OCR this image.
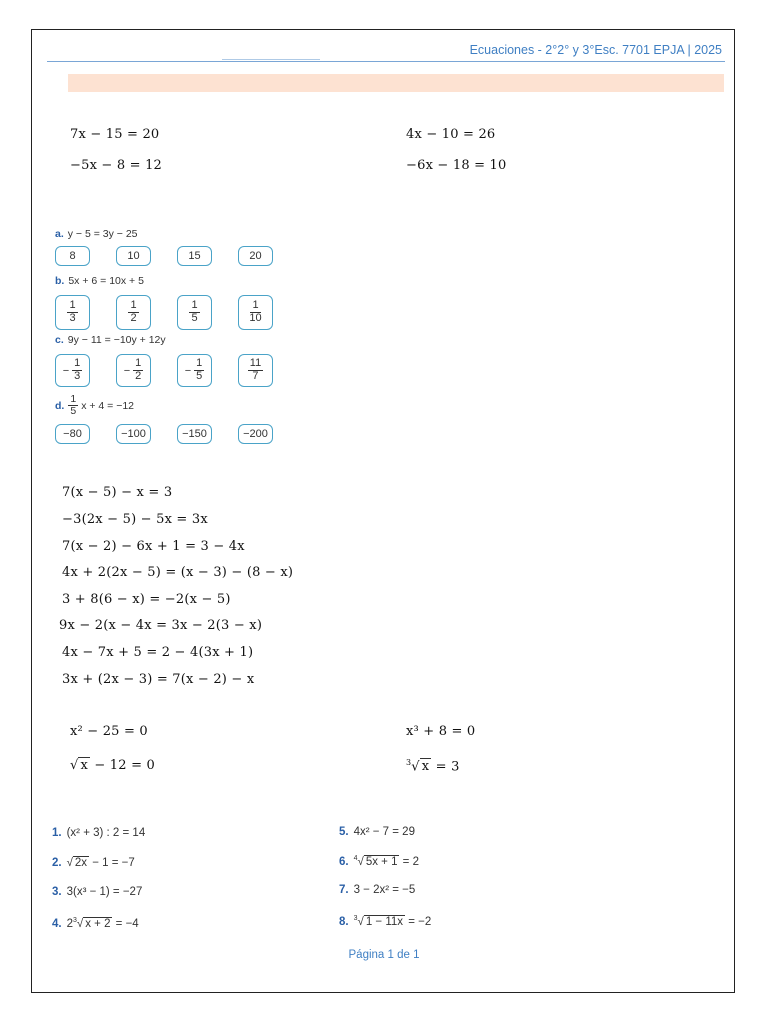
Ecuaciones - 2°2° y 3°Esc. 7701 EPJA | 2025
7x − 15 = 20
−5x − 8 = 12
4x − 10 = 26
−6x − 18 = 10
a. y − 5 = 3y − 25
8	10	15	20
b. 5x + 6 = 10x + 5
$\frac{1}{3}$	$\frac{1}{2}$	$\frac{1}{5}$	$\frac{1}{10}$
c. 9y − 11 = −10y + 12y
− $\frac{1}{3}$	− $\frac{1}{2}$	− $\frac{1}{5}$	$\frac{11}{7}$
d. $\frac{1}{5}$ x + 4 = −12
−80	−100	−150	−200
7(x − 5) − x = 3
−3(2x − 5) − 5x = 3x
7(x − 2) − 6x + 1 = 3 − 4x
4x + 2(2x − 5) = (x − 3) − (8 − x)
3 + 8(6 − x) = −2(x − 5)
9x − 2(x − 4x = 3x − 2(3 − x)
4x − 7x + 5 = 2 − 4(3x + 1)
3x + (2x − 3) = 7(x − 2) − x
x² − 25 = 0	x³ + 8 = 0
√ x − 12 = 0	$^3$√ x = 3
1. (x² + 3) : 2 = 14
2. √ 2x − 1 = −7
3. 3(x³ − 1) = −27
4. $2^3√$ x + 2 = −4
5. 4x² − 7 = 29
6. $^4$√ 5x + 1 = 2
7. 3 − 2x² = −5
8. $^3$√ 1 − 11x = −2
Página 1 de 1
